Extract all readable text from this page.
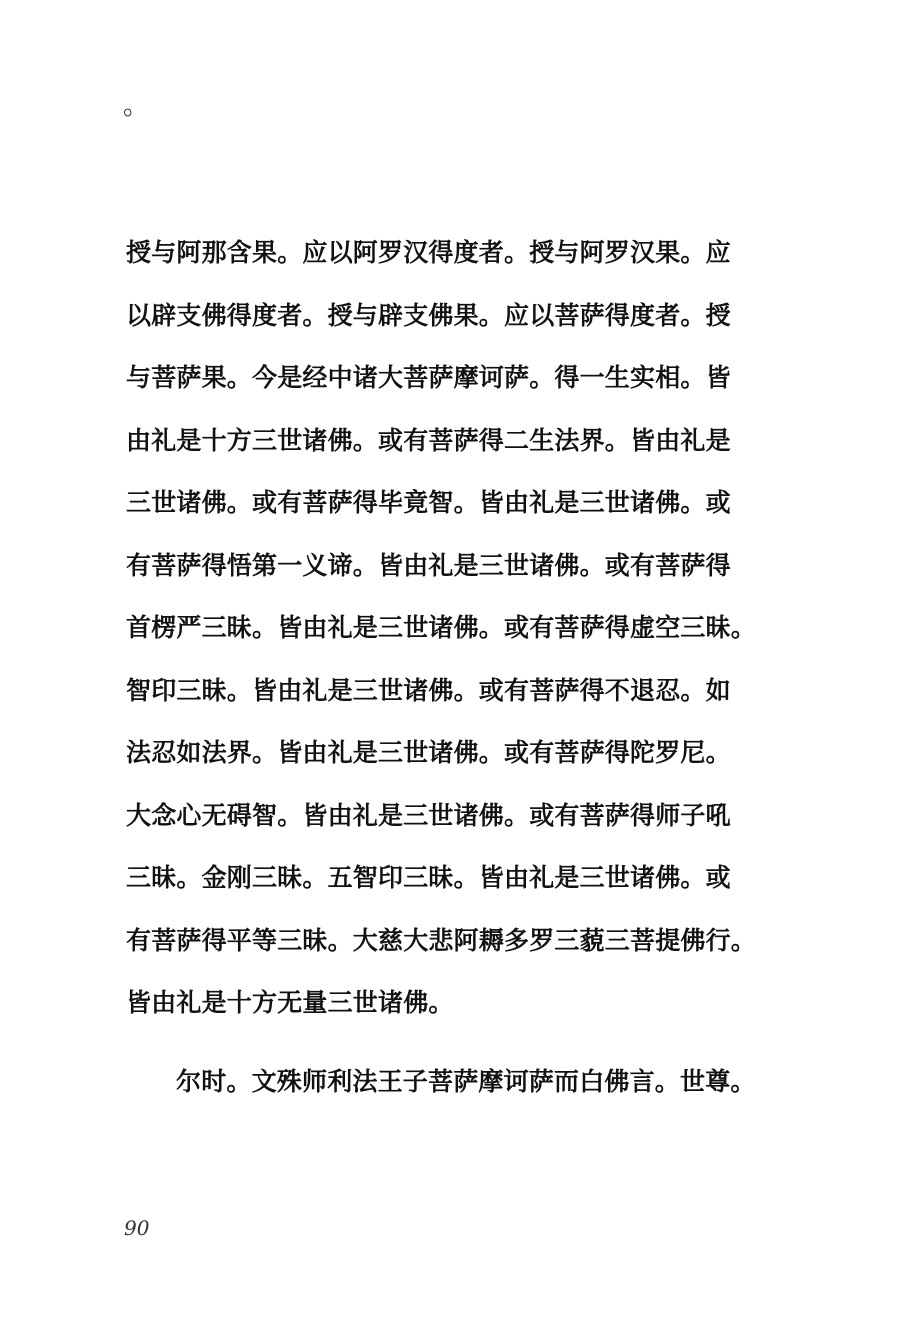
。
授与阿那含果。应以阿罗汉得度者。授与阿罗汉果。应
以辟支佛得度者。授与辟支佛果。应以菩萨得度者。授
与菩萨果。今是经中诸大菩萨摩诃萨。得一生实相。皆
由礼是十方三世诸佛。或有菩萨得二生法界。皆由礼是
三世诸佛。或有菩萨得毕竟智。皆由礼是三世诸佛。或
有菩萨得悟第一义谛。皆由礼是三世诸佛。或有菩萨得
首楞严三昧。皆由礼是三世诸佛。或有菩萨得虚空三昧。
智印三昧。皆由礼是三世诸佛。或有菩萨得不退忍。如
法忍如法界。皆由礼是三世诸佛。或有菩萨得陀罗尼。
大念心无碍智。皆由礼是三世诸佛。或有菩萨得师子吼
三昧。金刚三昧。五智印三昧。皆由礼是三世诸佛。或
有菩萨得平等三昧。大慈大悲阿耨多罗三藐三菩提佛行。
皆由礼是十方无量三世诸佛。
尔时。文殊师利法王子菩萨摩诃萨而白佛言。世尊。
90
